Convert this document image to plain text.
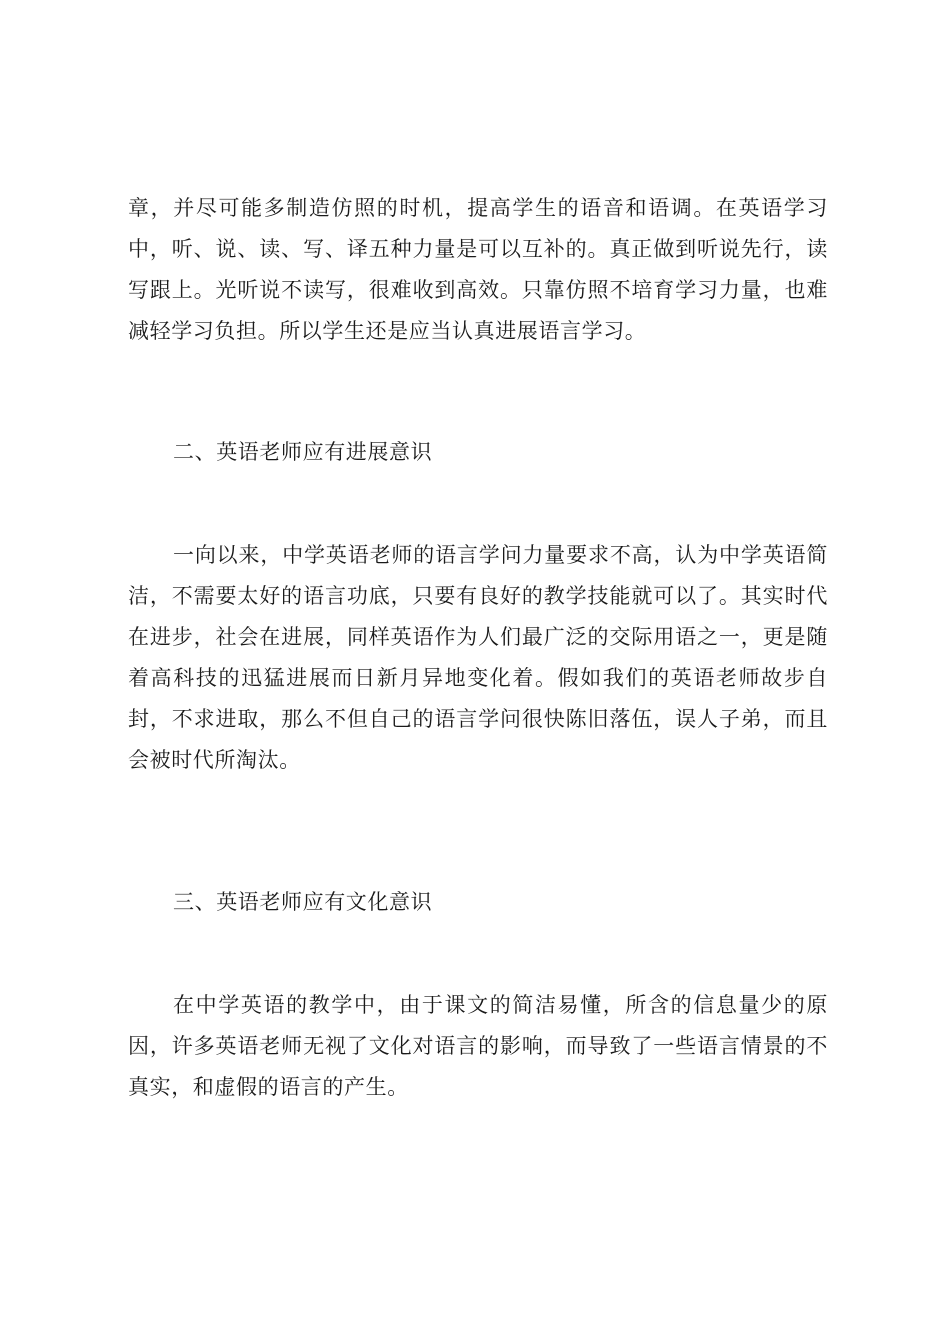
章，并尽可能多制造仿照的时机，提高学生的语音和语调。在英语学习中，听、说、读、写、译五种力量是可以互补的。真正做到听说先行，读写跟上。光听说不读写，很难收到高效。只靠仿照不培育学习力量，也难减轻学习负担。所以学生还是应当认真进展语言学习。

二、英语老师应有进展意识

一向以来，中学英语老师的语言学问力量要求不高，认为中学英语简洁，不需要太好的语言功底，只要有良好的教学技能就可以了。其实时代在进步，社会在进展，同样英语作为人们最广泛的交际用语之一，更是随着高科技的迅猛进展而日新月异地变化着。假如我们的英语老师故步自封，不求进取，那么不但自己的语言学问很快陈旧落伍，误人子弟，而且会被时代所淘汰。

三、英语老师应有文化意识

在中学英语的教学中，由于课文的简洁易懂，所含的信息量少的原因，许多英语老师无视了文化对语言的影响，而导致了一些语言情景的不真实，和虚假的语言的产生。
